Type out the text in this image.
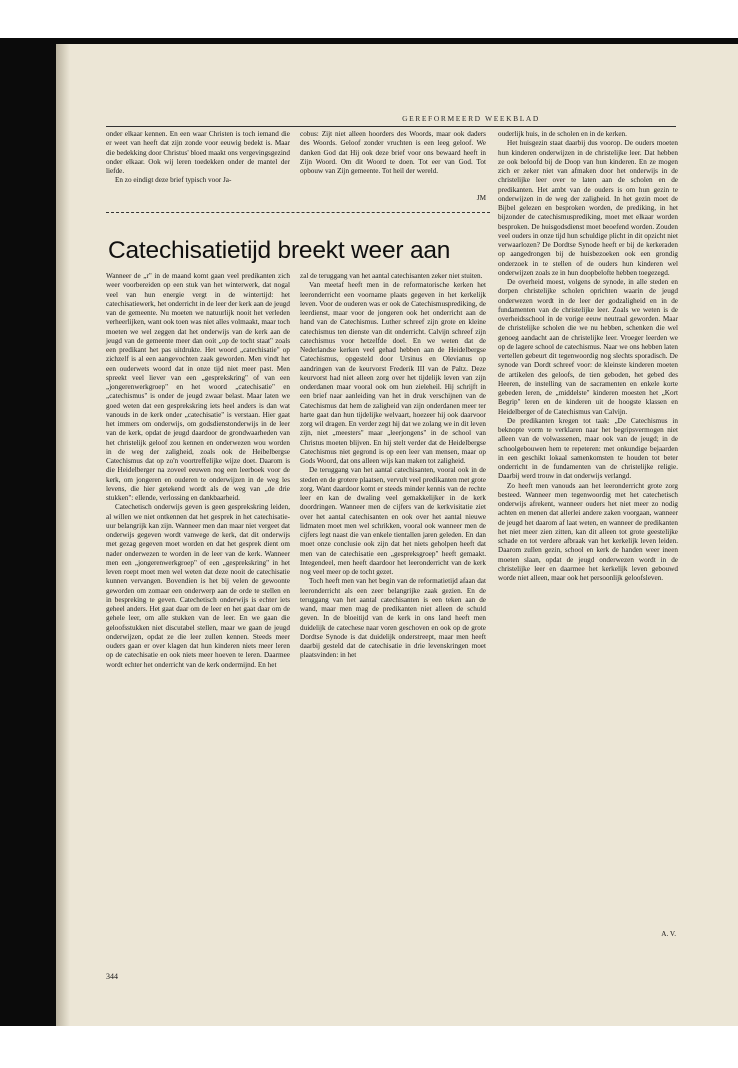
GEREFORMEERD WEEKBLAD

onder elkaar kennen. En een waar Christen is toch iemand die er weet van heeft dat zijn zonde voor eeuwig bedekt is. Maar die bedekking door Christus' bloed maakt ons vergevingsgezind onder elkaar. Ook wij leren toedekken onder de mantel der liefde.

En zo eindigt deze brief typisch voor Ja-

cobus: Zijt niet alleen hoorders des Woords, maar ook daders des Woords. Geloof zonder vruchten is een leeg geloof. We danken God dat Hij ook deze brief voor ons bewaard heeft in Zijn Woord. Om dit Woord te doen. Tot eer van God. Tot opbouw van Zijn gemeente. Tot heil der wereld.

JM
Catechisatietijd breekt weer aan

Wanneer de „r" in de maand komt gaan veel predikanten zich weer voorbereiden op een stuk van het winterwerk, dat nogal veel van hun energie vergt in de wintertijd: het catechisatiewerk, het onderricht in de leer der kerk aan de jeugd van de gemeente. Nu moeten we natuurlijk nooit het verleden verheerlijken, want ook toen was niet alles volmaakt, maar toch moeten we wel zeggen dat het onderwijs van de kerk aan de jeugd van de gemeente meer dan ooit „op de tocht staat" zoals een predikant het pas uitdrukte. Het woord „catechisatie" op zichzelf is al een aangevochten zaak geworden. Men vindt het een ouderwets woord dat in onze tijd niet meer past. Men spreekt veel liever van een „gesprekskring" of van een „jongerenwerkgroep" en het woord „catechisatie" en „catechismus" is onder de jeugd zwaar belast. Maar laten we goed weten dat een gesprekskring iets heel anders is dan wat vanouds in de kerk onder „catechisatie" is verstaan. Hier gaat het immers om onderwijs, om godsdienstonderwijs in de leer van de kerk, opdat de jeugd daardoor de grondwaarheden van het christelijk geloof zou kennen en onderwezen wou worden in de weg der zaligheid, zoals ook de Heibelbergse Catechismus dat op zo'n voortreffelijke wijze doet. Daarom is die Heidelberger na zoveel eeuwen nog een leerboek voor de kerk, om jongeren en ouderen te onderwijzen in de weg les levens, die hier getekend wordt als de weg van „de drie stukken": ellende, verlossing en dankbaarheid.

Catechetisch onderwijs geven is geen gesprekskring leiden, al willen we niet ontkennen dat het gesprek in het catechisatie-uur belangrijk kan zijn. Wanneer men dan maar niet vergeet dat onderwijs gegeven wordt vanwege de kerk, dat dit onderwijs met gezag gegeven moet worden en dat het gesprek dient om nader onderwezen te worden in de leer van de kerk. Wanneer men een „jongerenwerkgroep" of een „gesprekskring" in het leven roept moet men wel weten dat deze nooit de catechisatie kunnen vervangen. Bovendien is het bij velen de gewoonte geworden om zomaar een onderwerp aan de orde te stellen en in bespreking te geven. Catechetisch onderwijs is echter iets geheel anders. Het gaat daar om de leer en het gaat daar om de gehele leer, om alle stukken van de leer. En we gaan die geloofsstukken niet discutabel stellen, maar we gaan de jeugd onderwijzen, opdat ze die leer zullen kennen. Steeds meer ouders gaan er over klagen dat hun kinderen niets meer leren op de catechisatie en ook niets meer hoeven te leren. Daarmee wordt echter het onderricht van de kerk ondermijnd. En het

zal de teruggang van het aantal catechisanten zeker niet stuiten.

Van meetaf heeft men in de reformatorische kerken het leeronderricht een voorname plaats gegeven in het kerkelijk leven. Voor de ouderen was er ook de Catechismusprediking, de leerdienst, maar voor de jongeren ook het onderricht aan de hand van de Catechismus. Luther schreef zijn grote en kleine catechismus ten dienste van dit onderricht. Calvijn schreef zijn catechismus voor hetzelfde doel. En we weten dat de Nederlandse kerken veel gehad hebben aan de Heidelbergse Catechismus, opgesteld door Ursinus en Olevianus op aandringen van de keurvorst Frederik III van de Paltz. Deze keurvorst had niet alleen zorg over het tijdelijk leven van zijn onderdanen maar vooral ook om hun zieleheil. Hij schrijft in een brief naar aanleiding van het in druk verschijnen van de Catechismus dat hem de zaligheid van zijn onderdanen meer ter harte gaat dan hun tijdelijke welvaart, hoezeer hij ook daarvoor zorg wil dragen. En verder zegt hij dat we zolang we in dit leven zijn, niet „meesters" maar „leerjongens" in de school van Christus moeten blijven. En hij stelt verder dat de Heidelbergse Catechismus niet gegrond is op een leer van mensen, maar op Gods Woord, dat ons alleen wijs kan maken tot zaligheid.

De teruggang van het aantal catechisanten, vooral ook in de steden en de grotere plaatsen, vervult veel predikanten met grote zorg. Want daardoor komt er steeds minder kennis van de rechte leer en kan de dwaling veel gemakkelijker in de kerk doordringen. Wanneer men de cijfers van de kerkvisitatie ziet over het aantal catechisanten en ook over het aantal nieuwe lidmaten moet men wel schrikken, vooral ook wanneer men de cijfers legt naast die van enkele tientallen jaren geleden. En dan moet onze conclusie ook zijn dat het niets geholpen heeft dat men van de catechisatie een „gespreksgroep" heeft gemaakt. Integendeel, men heeft daardoor het leeronderricht van de kerk nog veel meer op de tocht gezet.

Toch heeft men van het begin van de reformatietijd afaan dat leeronderricht als een zeer belangrijke zaak gezien. En de teruggang van het aantal catechisanten is een teken aan de wand, maar men mag de predikanten niet alleen de schuld geven. In de bloeitijd van de kerk in ons land heeft men duidelijk de catechese naar voren geschoven en ook op de grote Dordtse Synode is dat duidelijk onderstreept, maar men heeft daarbij gesteld dat de catechisatie in drie levenskringen moet plaatsvinden: in het

ouderlijk huis, in de scholen en in de kerken.

Het huisgezin staat daarbij dus voorop. De ouders moeten hun kinderen onderwijzen in de christelijke leer. Dat hebben ze ook beloofd bij de Doop van hun kinderen. En ze mogen zich er zeker niet van afmaken door het onderwijs in de christelijke leer over te laten aan de scholen en de predikanten. Het ambt van de ouders is om hun gezin te onderwijzen in de weg der zaligheid. In het gezin moet de Bijbel gelezen en besproken worden, de prediking, in het bijzonder de catechismusprediking, moet met elkaar worden besproken. De huisgodsdienst moet beoefend worden. Zouden veel ouders in onze tijd hun schuldige plicht in dit opzicht niet verwaarlozen? De Dordtse Synode heeft er bij de kerkeraden op aangedrongen bij de huisbezoeken ook een grondig onderzoek in te stellen of de ouders hun kinderen wel onderwijzen zoals ze in hun doopbelofte hebben toegezegd.

De overheid moest, volgens de synode, in alle steden en dorpen christelijke scholen oprichten waarin de jeugd onderwezen wordt in de leer der godzaligheid en in de fundamenten van de christelijke leer. Zoals we weten is de overheidsschool in de vorige eeuw neutraal geworden. Maar de christelijke scholen die we nu hebben, schenken die wel genoeg aandacht aan de christelijke leer. Vroeger leerden we op de lagere school de catechismus. Naar we ons hebben laten vertellen gebeurt dit tegenwoordig nog slechts sporadisch. De synode van Dordt schreef voor: de kleinste kinderen moeten de artikelen des geloofs, de tien geboden, het gebed des Heeren, de instelling van de sacramenten en enkele korte gebeden leren, de „middelste" kinderen moesten het „Kort Begrip" leren en de kinderen uit de hoogste klassen en Heidelberger of de Catechismus van Calvijn.

De predikanten kregen tot taak: „De Catechismus in beknopte vorm te verklaren naar het begripsvermogen niet alleen van de volwassenen, maar ook van de jeugd; in de schoolgebouwen hem te repeteren: met onkundige bejaarden in een geschikt lokaal samenkomsten te houden tot beter onderricht in de fundamenten van de christelijke religie. Daarbij werd trouw in dat onderwijs verlangd.

Zo heeft men vanouds aan het leeronderricht grote zorg besteed. Wanneer men tegenwoordig met het catechetisch onderwijs afrekent, wanneer ouders het niet meer zo nodig achten en menen dat allerlei andere zaken voorgaan, wanneer de jeugd het daarom af laat weten, en wanneer de predikanten het niet meer zien zitten, kan dit alleen tot grote geestelijke schade en tot verdere afbraak van het kerkelijk leven leiden. Daarom zullen gezin, school en kerk de handen weer ineen moeten slaan, opdat de jeugd onderwezen wordt in de christelijke leer en daarmee het kerkelijk leven gebouwd worde niet alleen, maar ook het persoonlijk geloofsleven.

A. V.
344
